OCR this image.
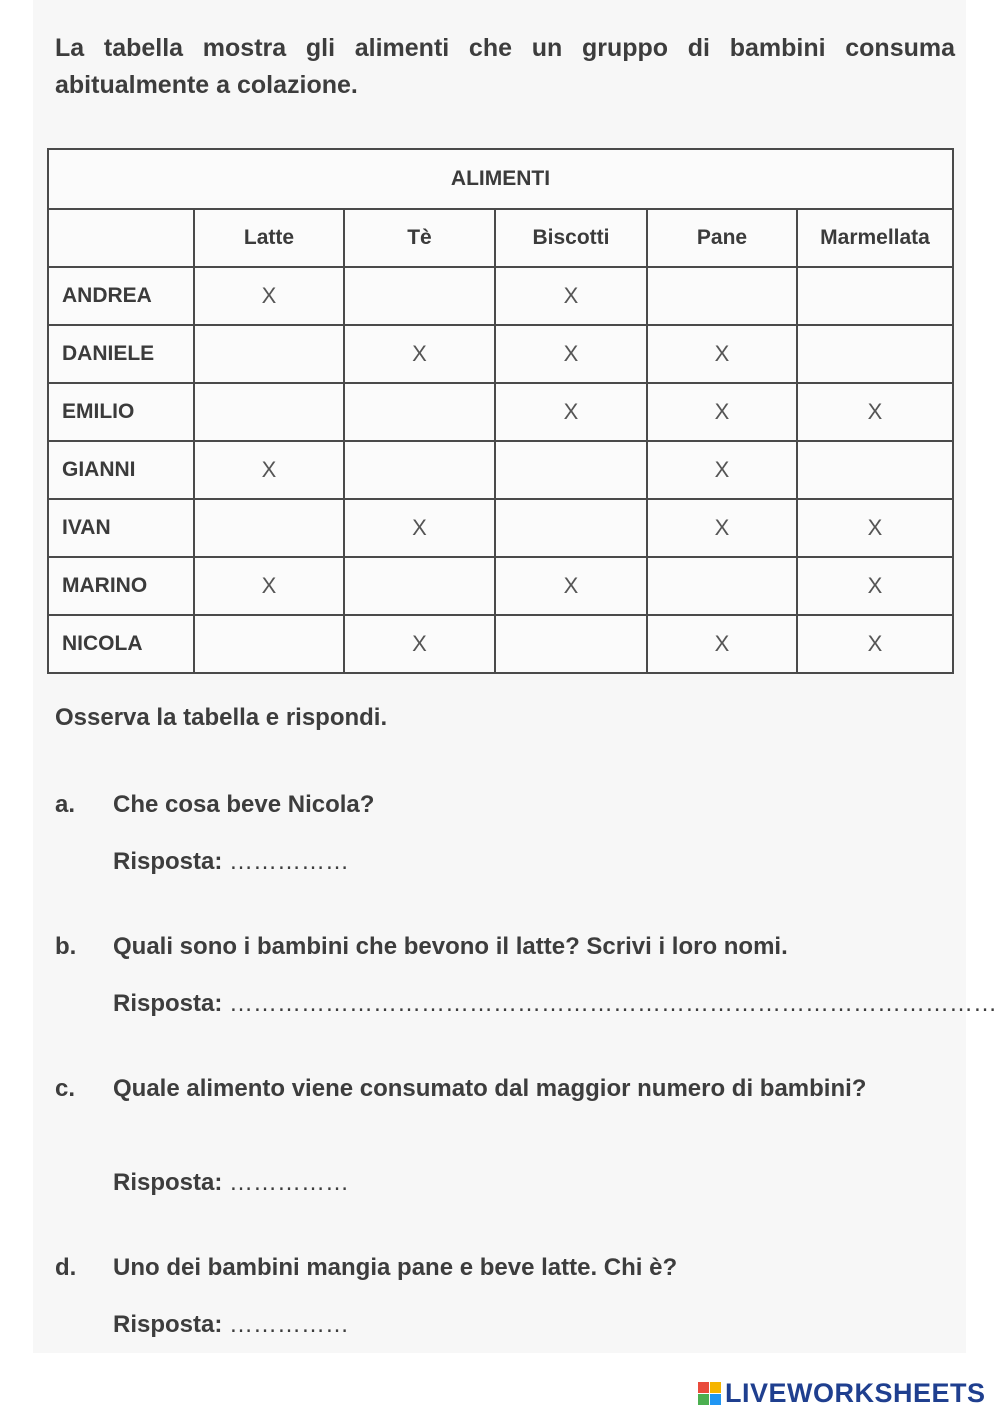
La tabella mostra gli alimenti che un gruppo di bambini consuma abitualmente a colazione.
ALIMENTI					
	Latte	Tè	Biscotti	Pane	Marmellata
ANDREA	X		X		
DANIELE		X	X	X	
EMILIO			X	X	X
GIANNI	X			X	
IVAN		X		X	X
MARINO	X		X		X
NICOLA		X		X	X
Osserva la tabella e rispondi.
a.	Che cosa beve Nicola?
Risposta: ……………
b.	Quali sono i bambini che bevono il latte? Scrivi i loro nomi.
Risposta: ……………………………………………………………………………………
c.	Quale alimento viene consumato dal maggior numero di bambini?
Risposta: ……………
d.	Uno dei bambini mangia pane e beve latte. Chi è?
Risposta: ……………
LIVEWORKSHEETS
